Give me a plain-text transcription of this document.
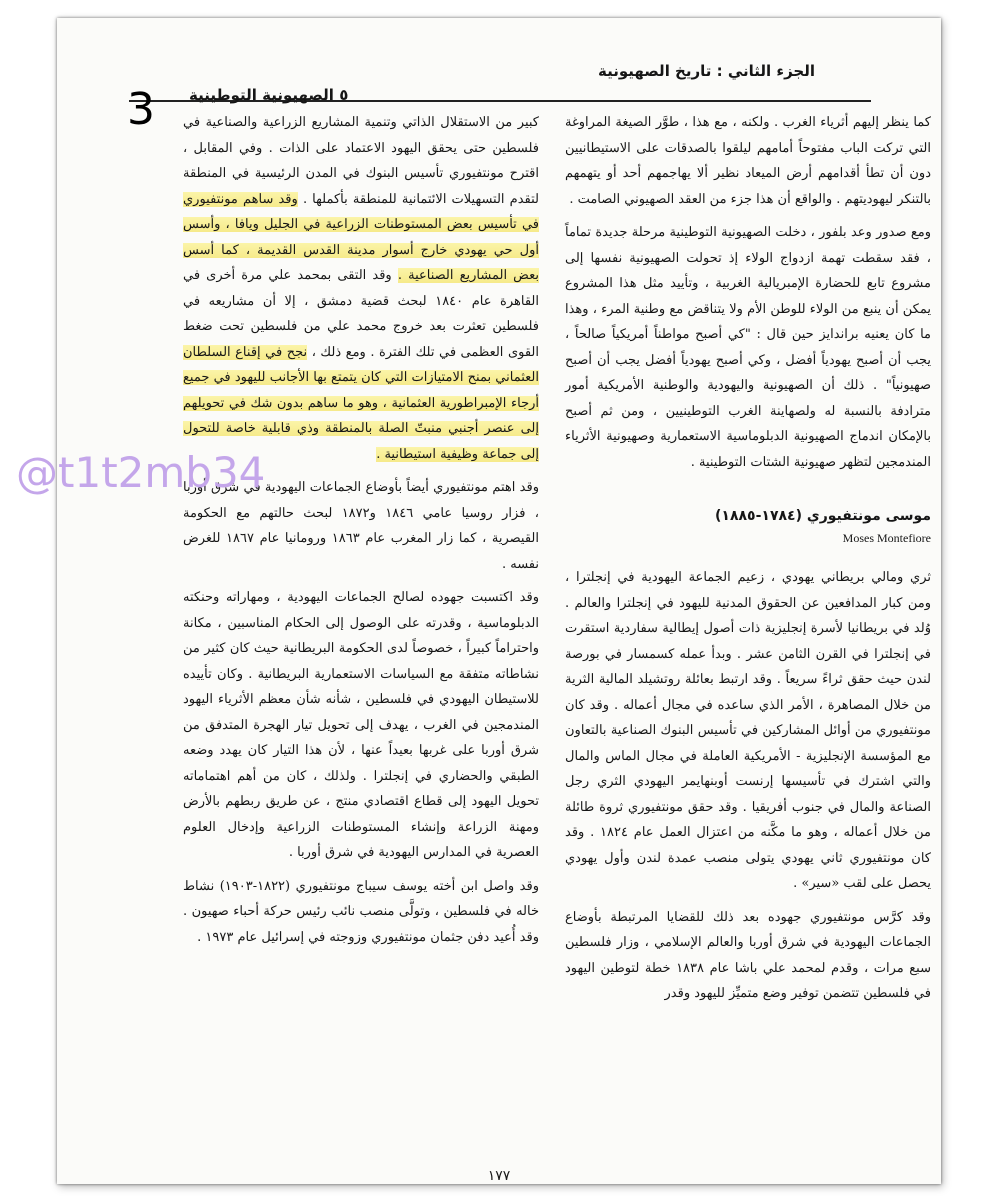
الجزء الثاني : تاريخ الصهيونية
٥ الصهيونية التوطينية
3	كما ينظر إليهم أثرياء الغرب . ولكنه ، مع هذا ، طوَّر الصيغة المراوغة التي تركت الباب مفتوحاً أمامهم ليلقوا بالصدقات على الاستيطانيين دون أن تطأ أقدامهم أرض الميعاد نظير ألا يهاجمهم أحد أو يتهمهم بالتنكر ليهوديتهم . والواقع أن هذا جزء من العقد الصهيوني الصامت .

ومع صدور وعد بلفور ، دخلت الصهيونية التوطينية مرحلة جديدة تماماً ، فقد سقطت تهمة ازدواج الولاء إذ تحولت الصهيونية نفسها إلى مشروع تابع للحضارة الإمبريالية الغربية ، وتأييد مثل هذا المشروع يمكن أن ينبع من الولاء للوطن الأم ولا يتناقض مع وطنية المرء ، وهذا ما كان يعنيه براندايز حين قال : "كي أصبح مواطناً أمريكياً صالحاً ، يجب أن أصبح يهودياً أفضل ، وكي أصبح يهودياً أفضل يجب أن أصبح صهيونياً" . ذلك أن الصهيونية واليهودية والوطنية الأمريكية أمور مترادفة بالنسبة له ولصهاينة الغرب التوطينيين ، ومن ثم أصبح بالإمكان اندماج الصهيونية الدبلوماسية الاستعمارية وصهيونية الأثرياء المندمجين لتظهر صهيونية الشتات التوطينية .

موسى مونتفيوري (١٧٨٤-١٨٨٥)
Moses Montefiore

ثري ومالي بريطاني يهودي ، زعيم الجماعة اليهودية في إنجلترا ، ومن كبار المدافعين عن الحقوق المدنية لليهود في إنجلترا والعالم . وُلد في بريطانيا لأسرة إنجليزية ذات أصول إيطالية سفاردية استقرت في إنجلترا في القرن الثامن عشر . وبدأ عمله كسمسار في بورصة لندن حيث حقق ثراءً سريعاً . وقد ارتبط بعائلة روتشيلد المالية الثرية من خلال المصاهرة ، الأمر الذي ساعده في مجال أعماله . وقد كان مونتفيوري من أوائل المشاركين في تأسيس البنوك الصناعية بالتعاون مع المؤسسة الإنجليزية - الأمريكية العاملة في مجال الماس والمال والتي اشترك في تأسيسها إرنست أوبنهايمر اليهودي الثري رجل الصناعة والمال في جنوب أفريقيا . وقد حقق مونتفيوري ثروة طائلة من خلال أعماله ، وهو ما مكَّنه من اعتزال العمل عام ١٨٢٤ . وقد كان مونتفيوري ثاني يهودي يتولى منصب عمدة لندن وأول يهودي يحصل على لقب «سير» .

وقد كرَّس مونتفيوري جهوده بعد ذلك للقضايا المرتبطة بأوضاع الجماعات اليهودية في شرق أوربا والعالم الإسلامي ، وزار فلسطين سبع مرات ، وقدم لمحمد علي باشا عام ١٨٣٨ خطة لتوطين اليهود في فلسطين تتضمن توفير وضع متميِّز لليهود وقدر

كبير من الاستقلال الذاتي وتنمية المشاريع الزراعية والصناعية في فلسطين حتى يحقق اليهود الاعتماد على الذات . وفي المقابل ، اقترح مونتفيوري تأسيس البنوك في المدن الرئيسية في المنطقة لتقدم التسهيلات الائتمانية للمنطقة بأكملها . وقد ساهم مونتفيوري في تأسيس بعض المستوطنات الزراعية في الجليل ويافا ، وأسس أول حي يهودي خارج أسوار مدينة القدس القديمة ، كما أسس بعض المشاريع الصناعية . وقد التقى بمحمد علي مرة أخرى في القاهرة عام ١٨٤٠ لبحث قضية دمشق ، إلا أن مشاريعه في فلسطين تعثرت بعد خروج محمد علي من فلسطين تحت ضغط القوى العظمى في تلك الفترة . ومع ذلك ، نجح في إقناع السلطان العثماني بمنح الامتيازات التي كان يتمتع بها الأجانب لليهود في جميع أرجاء الإمبراطورية العثمانية ، وهو ما ساهم بدون شك في تحويلهم إلى عنصر أجنبي منبتّ الصلة بالمنطقة وذي قابلية خاصة للتحول إلى جماعة وظيفية استيطانية .

وقد اهتم مونتفيوري أيضاً بأوضاع الجماعات اليهودية في شرق أوربا ، فزار روسيا عامي ١٨٤٦ و١٨٧٢ لبحث حالتهم مع الحكومة القيصرية ، كما زار المغرب عام ١٨٦٣ ورومانيا عام ١٨٦٧ للغرض نفسه .

وقد اكتسبت جهوده لصالح الجماعات اليهودية ، ومهاراته وحنكته الدبلوماسية ، وقدرته على الوصول إلى الحكام المناسبين ، مكانة واحتراماً كبيراً ، خصوصاً لدى الحكومة البريطانية حيث كان كثير من نشاطاته متفقة مع السياسات الاستعمارية البريطانية . وكان تأييده للاستيطان اليهودي في فلسطين ، شأنه شأن معظم الأثرياء اليهود المندمجين في الغرب ، يهدف إلى تحويل تيار الهجرة المتدفق من شرق أوربا على غربها بعيداً عنها ، لأن هذا التيار كان يهدد وضعه الطبقي والحضاري في إنجلترا . ولذلك ، كان من أهم اهتماماته تحويل اليهود إلى قطاع اقتصادي منتج ، عن طريق ربطهم بالأرض ومهنة الزراعة وإنشاء المستوطنات الزراعية وإدخال العلوم العصرية في المدارس اليهودية في شرق أوربا .

وقد واصل ابن أخته يوسف سيباج مونتفيوري (١٨٢٢-١٩٠٣) نشاط خاله في فلسطين ، وتولَّى منصب نائب رئيس حركة أحباء صهيون . وقد أُعيد دفن جثمان مونتفيوري وزوجته في إسرائيل عام ١٩٧٣ .

١٧٧
@t1t2mb34
